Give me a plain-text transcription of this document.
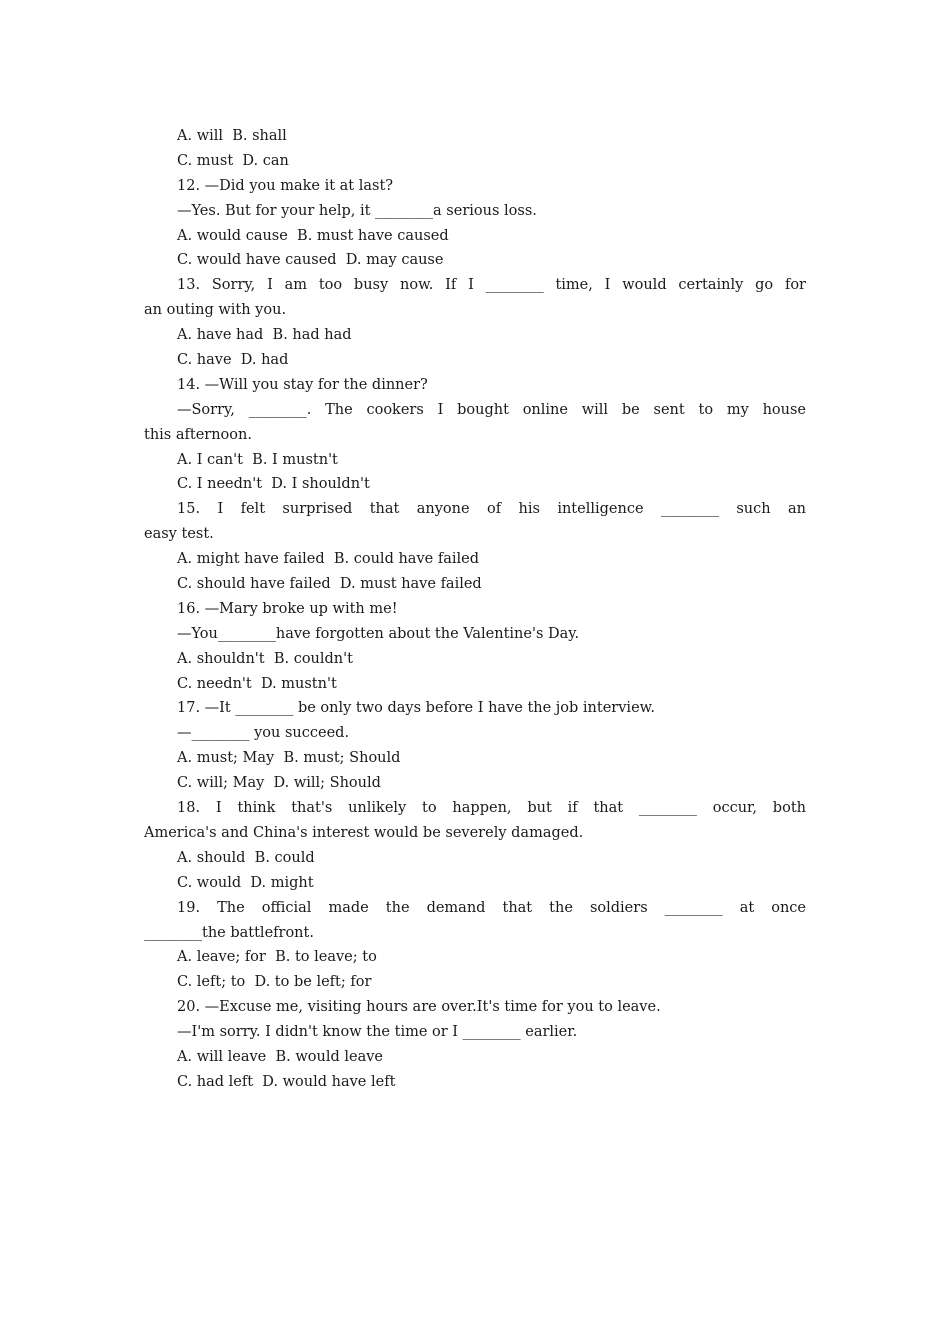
A. will  B. shall
C. must  D. can
12. —Did you make it at last?
—Yes. But for your help, it ________a serious loss.
A. would cause  B. must have caused
C. would have caused  D. may cause
13. Sorry, I am too busy now. If I ________ time, I would certainly go for
an outing with you.
A. have had  B. had had
C. have  D. had
14. —Will you stay for the dinner?
—Sorry, ________. The cookers I bought online will be sent to my house
this afternoon.
A. I can't  B. I mustn't
C. I needn't  D. I shouldn't
15. I felt surprised that anyone of his intelligence ________ such an
easy test.
A. might have failed  B. could have failed
C. should have failed  D. must have failed
16. —Mary broke up with me!
—You________have forgotten about the Valentine's Day.
A. shouldn't  B. couldn't
C. needn't  D. mustn't
17. —It ________ be only two days before I have the job interview.
—________ you succeed.
A. must; May  B. must; Should
C. will; May  D. will; Should
18. I think that's unlikely to happen, but if that ________ occur, both
America's and China's interest would be severely damaged.
A. should  B. could
C. would  D. might
19. The official made the demand that the soldiers ________ at once
________the battlefront.
A. leave; for  B. to leave; to
C. left; to  D. to be left; for
20. —Excuse me, visiting hours are over.It's time for you to leave.
—I'm sorry. I didn't know the time or I ________ earlier.
A. will leave  B. would leave
C. had left  D. would have left
